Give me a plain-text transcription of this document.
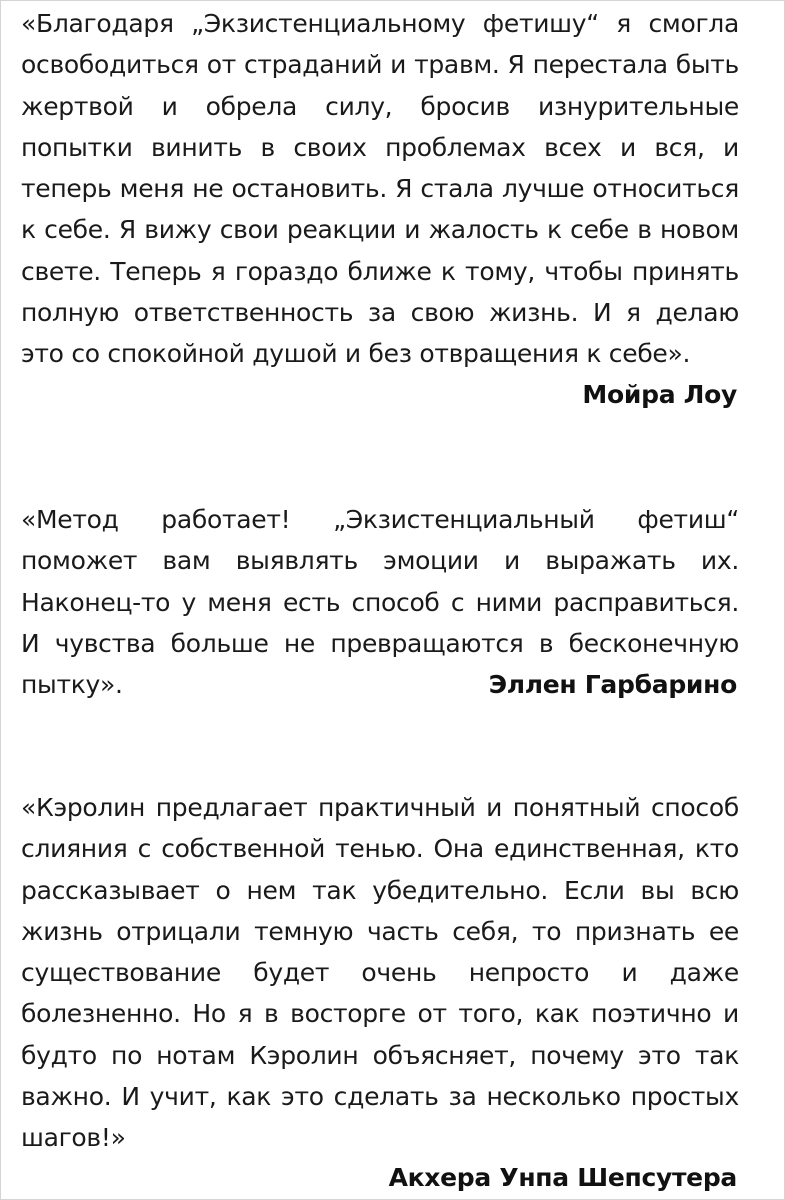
«Благодаря „Экзистенциальному фетишу“ я смогла освободиться от страданий и травм. Я перестала быть жертвой и обрела силу, бросив изнурительные попытки винить в своих проблемах всех и вся, и теперь меня не остановить. Я стала лучше относиться к себе. Я вижу свои реакции и жалость к себе в новом свете. Теперь я гораздо ближе к тому, чтобы принять полную ответственность за свою жизнь. И я делаю это со спокойной душой и без отвращения к себе».

Мойра Лоу

«Метод работает! „Экзистенциальный фетиш“ поможет вам выявлять эмоции и выражать их. Наконец-то у меня есть способ с ними расправиться. И чувства больше не превращаются в бесконечную пытку».	Эллен Гарбарино

«Кэролин предлагает практичный и понятный способ слияния с собственной тенью. Она единственная, кто рассказывает о нем так убедительно. Если вы всю жизнь отрицали темную часть себя, то признать ее существование будет очень непросто и даже болезненно. Но я в восторге от того, как поэтично и будто по нотам Кэролин объясняет, почему это так важно. И учит, как это сделать за несколько простых шагов!»

Акхера Унпа Шепсутера
